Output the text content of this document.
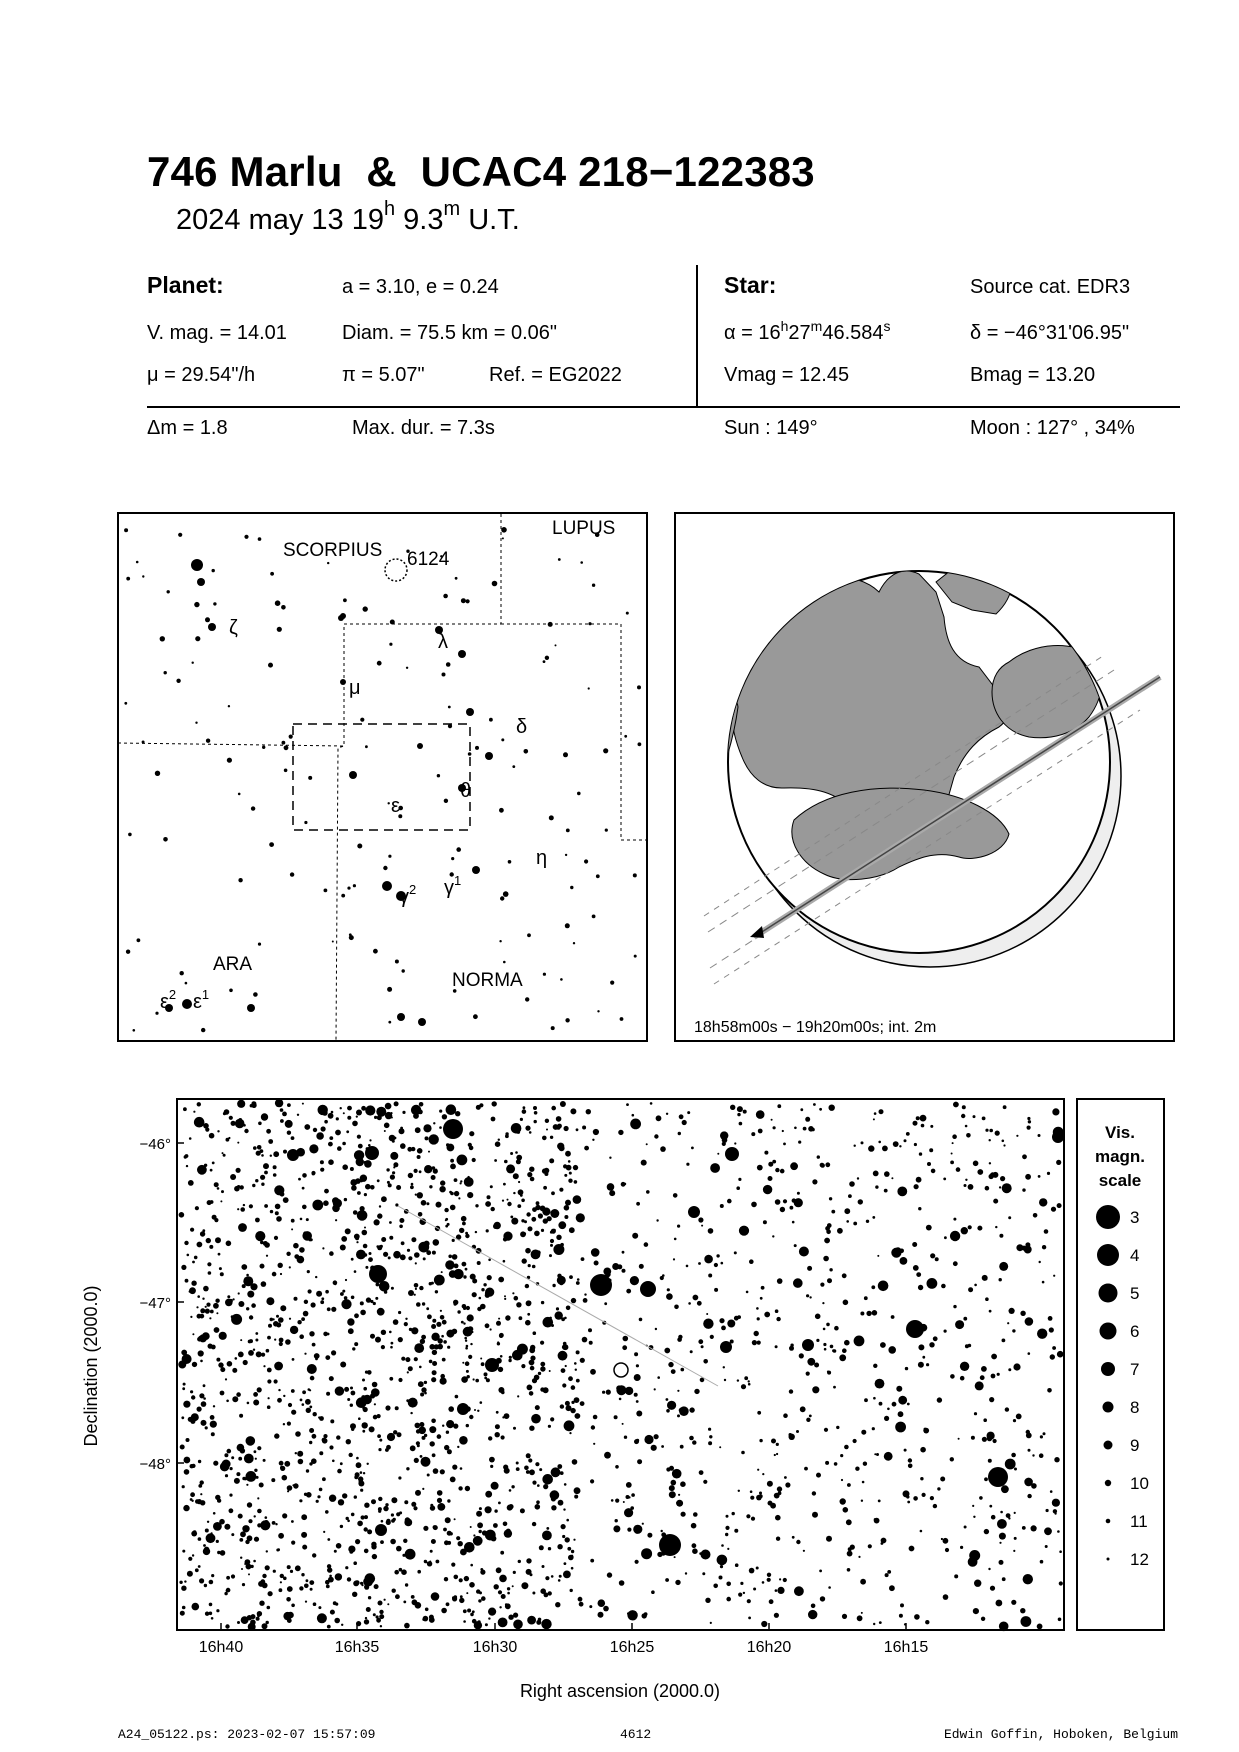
746 Marlu  &  UCAC4 218−122383
2024 may 13 19$^h$ 9.3$^m$ U.T.
Planet:	a = 3.10, e = 0.24
V. mag. = 14.01	Diam. = 75.5 km = 0.06"
μ = 29.54"/h	π = 5.07"	Ref. = EG2022
Star:	Source cat. EDR3
$\alpha = 16^h27^m46.584^s$	δ = −46°31'06.95"
Vmag = 12.45	Bmag = 13.20
Δm = 1.8	Max. dur. = 7.3s	Sun : 149°	Moon : 127° , 34%
SCORPIUS 6124
LUPUS
ARA
NORMA
ζ
λ
μ
δ
ε
θ
η
$\gamma^2$ $\gamma^1$
$\varepsilon^2$ $\varepsilon^1$
18h58m00s − 19h20m00s; int. 2m
−46°
−47°
−48°
16h40	16h35	16h30	16h25	16h20	16h15
Declination (2000.0)
Right ascension (2000.0)
Vis.
magn.
scale
3
4
5
6
7
8
9
10
11
12
A24_05122.ps: 2023-02-07 15:57:09	4612	Edwin Goffin, Hoboken, Belgium
